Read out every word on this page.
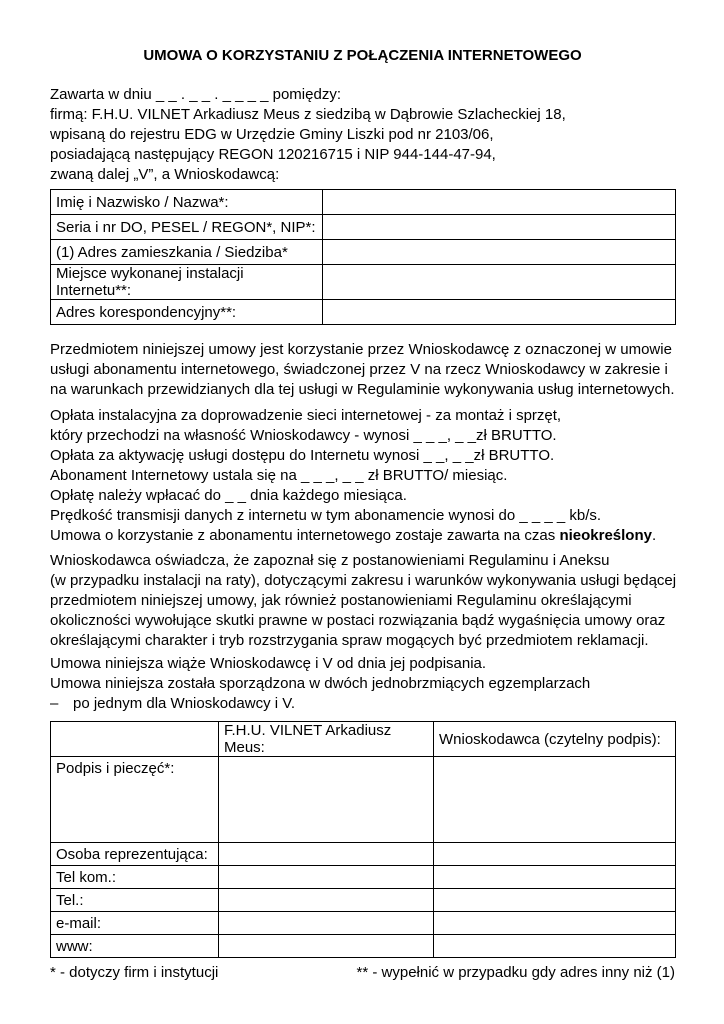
UMOWA O KORZYSTANIU Z POŁĄCZENIA INTERNETOWEGO
Zawarta w dniu _ _ . _ _ . _ _ _ _ pomiędzy:
firmą: F.H.U. VILNET Arkadiusz Meus z siedzibą w Dąbrowie Szlacheckiej 18,
wpisaną do rejestru EDG w Urzędzie Gminy Liszki pod nr 2103/06,
posiadającą następujący REGON 120216715 i NIP 944-144-47-94,
zwaną dalej „V”, a Wnioskodawcą:
Imię i Nazwisko / Nazwa*:	
Seria i nr DO, PESEL / REGON*, NIP*:	
(1) Adres zamieszkania / Siedziba*	
Miejsce wykonanej instalacji Internetu**:	
Adres korespondencyjny**:	
Przedmiotem niniejszej umowy jest korzystanie przez Wnioskodawcę z oznaczonej w umowie
usługi abonamentu internetowego, świadczonej przez V na rzecz Wnioskodawcy w zakresie i
na warunkach przewidzianych dla tej usługi w Regulaminie wykonywania usług internetowych.
Opłata instalacyjna za doprowadzenie sieci internetowej - za montaż i sprzęt,
który przechodzi na własność Wnioskodawcy - wynosi _ _ _, _ _zł BRUTTO.
Opłata za aktywację usługi dostępu do Internetu wynosi _ _, _ _zł BRUTTO.
Abonament Internetowy ustala się na _ _ _, _ _ zł BRUTTO/ miesiąc.
Opłatę należy wpłacać do _ _ dnia każdego miesiąca.
Prędkość transmisji danych z internetu w tym abonamencie wynosi do _ _ _ _ kb/s.
Umowa o korzystanie z abonamentu internetowego zostaje zawarta na czas nieokreślony.
Wnioskodawca oświadcza, że zapoznał się z postanowieniami Regulaminu i Aneksu
(w przypadku instalacji na raty), dotyczącymi zakresu i warunków wykonywania usługi będącej
przedmiotem niniejszej umowy, jak również postanowieniami Regulaminu określającymi
okoliczności wywołujące skutki prawne w postaci rozwiązania bądź wygaśnięcia umowy oraz
określającymi charakter i tryb rozstrzygania spraw mogących być przedmiotem reklamacji.
Umowa niniejsza wiąże Wnioskodawcę i V od dnia jej podpisania.
Umowa niniejsza została sporządzona w dwóch jednobrzmiących egzemplarzach
– po jednym dla Wnioskodawcy i V.
	F.H.U. VILNET Arkadiusz Meus:	Wnioskodawca (czytelny podpis):
Podpis i pieczęć*:		
Osoba reprezentująca:		
Tel kom.:		
Tel.:		
e-mail:		
www:		
* - dotyczy firm i instytucji	** - wypełnić w przypadku gdy adres inny niż (1)
